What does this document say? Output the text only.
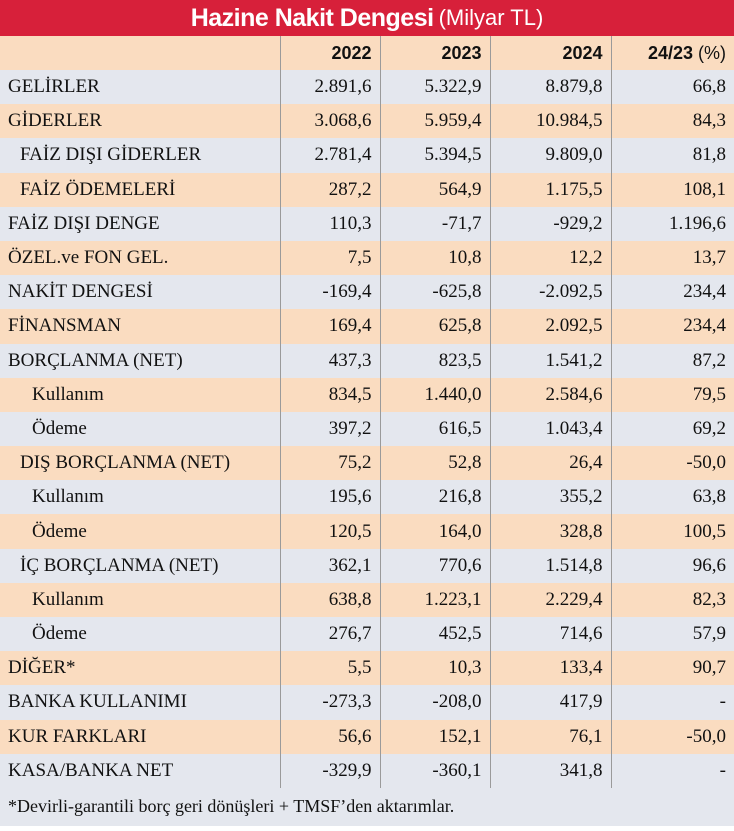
Hazine Nakit Dengesi (Milyar TL)
	2022	2023	2024	24/23 (%)
GELİRLER	2.891,6	5.322,9	8.879,8	66,8
GİDERLER	3.068,6	5.959,4	10.984,5	84,3
FAİZ DIŞI GİDERLER	2.781,4	5.394,5	9.809,0	81,8
FAİZ ÖDEMELERİ	287,2	564,9	1.175,5	108,1
FAİZ DIŞI DENGE	110,3	-71,7	-929,2	1.196,6
ÖZEL.ve FON GEL.	7,5	10,8	12,2	13,7
NAKİT DENGESİ	-169,4	-625,8	-2.092,5	234,4
FİNANSMAN	169,4	625,8	2.092,5	234,4
BORÇLANMA (NET)	437,3	823,5	1.541,2	87,2
Kullanım	834,5	1.440,0	2.584,6	79,5
Ödeme	397,2	616,5	1.043,4	69,2
DIŞ BORÇLANMA (NET)	75,2	52,8	26,4	-50,0
Kullanım	195,6	216,8	355,2	63,8
Ödeme	120,5	164,0	328,8	100,5
İÇ BORÇLANMA (NET)	362,1	770,6	1.514,8	96,6
Kullanım	638,8	1.223,1	2.229,4	82,3
Ödeme	276,7	452,5	714,6	57,9
DİĞER*	5,5	10,3	133,4	90,7
BANKA KULLANIMI	-273,3	-208,0	417,9	-
KUR FARKLARI	56,6	152,1	76,1	-50,0
KASA/BANKA NET	-329,9	-360,1	341,8	-
*Devirli-garantili borç geri dönüşleri + TMSF’den aktarımlar.
